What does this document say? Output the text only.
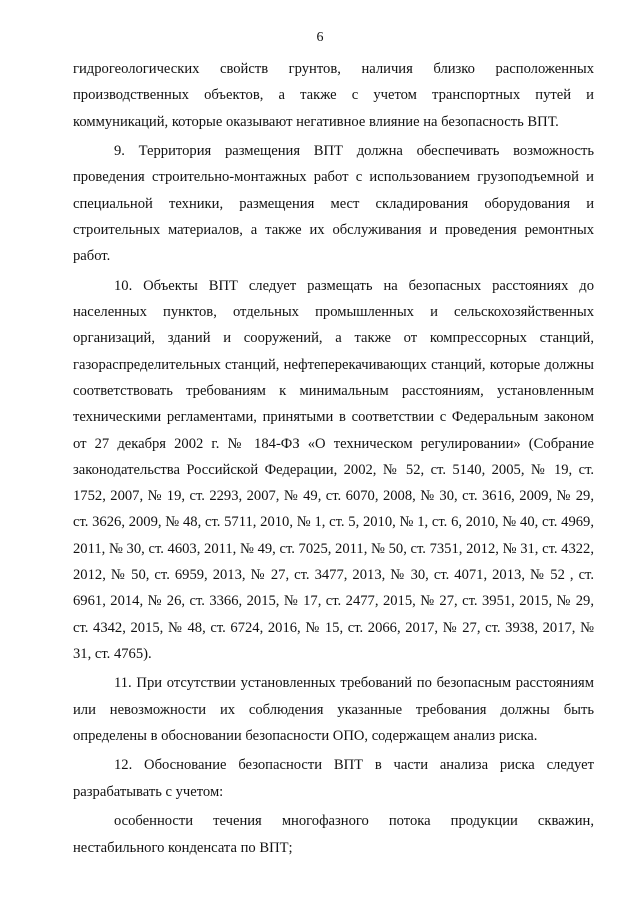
6

гидрогеологических свойств грунтов, наличия близко расположенных производственных объектов, а также с учетом транспортных путей и коммуникаций, которые оказывают негативное влияние на безопасность ВПТ.

9. Территория размещения ВПТ должна обеспечивать возможность проведения строительно-монтажных работ с использованием грузоподъемной и специальной техники, размещения мест складирования оборудования и строительных материалов, а также их обслуживания и проведения ремонтных работ.

10. Объекты ВПТ следует размещать на безопасных расстояниях до населенных пунктов, отдельных промышленных и сельскохозяйственных организаций, зданий и сооружений, а также от компрессорных станций, газораспределительных станций, нефтеперекачивающих станций, которые должны соответствовать требованиям к минимальным расстояниям, установленным техническими регламентами, принятыми в соответствии с Федеральным законом от 27 декабря 2002 г. № 184-ФЗ «О техническом регулировании» (Собрание законодательства Российской Федерации, 2002, № 52, ст. 5140, 2005, № 19, ст. 1752, 2007, № 19, ст. 2293, 2007, № 49, ст. 6070, 2008, № 30, ст. 3616, 2009, № 29, ст. 3626, 2009, № 48, ст. 5711, 2010, № 1, ст. 5, 2010, № 1, ст. 6, 2010, № 40, ст. 4969, 2011, № 30, ст. 4603, 2011, № 49, ст. 7025, 2011, № 50, ст. 7351, 2012, № 31, ст. 4322, 2012, № 50, ст. 6959, 2013, № 27, ст. 3477, 2013, № 30, ст. 4071, 2013, № 52 , ст. 6961, 2014, № 26, ст. 3366, 2015, № 17, ст. 2477, 2015, № 27, ст. 3951, 2015, № 29, ст. 4342, 2015, № 48, ст. 6724, 2016, № 15, ст. 2066, 2017, № 27, ст. 3938, 2017, № 31, ст. 4765).

11. При отсутствии установленных требований по безопасным расстояниям или невозможности их соблюдения указанные требования должны быть определены в обосновании безопасности ОПО, содержащем анализ риска.

12. Обоснование безопасности ВПТ в части анализа риска следует разрабатывать с учетом:

особенности течения многофазного потока продукции скважин, нестабильного конденсата по ВПТ;
